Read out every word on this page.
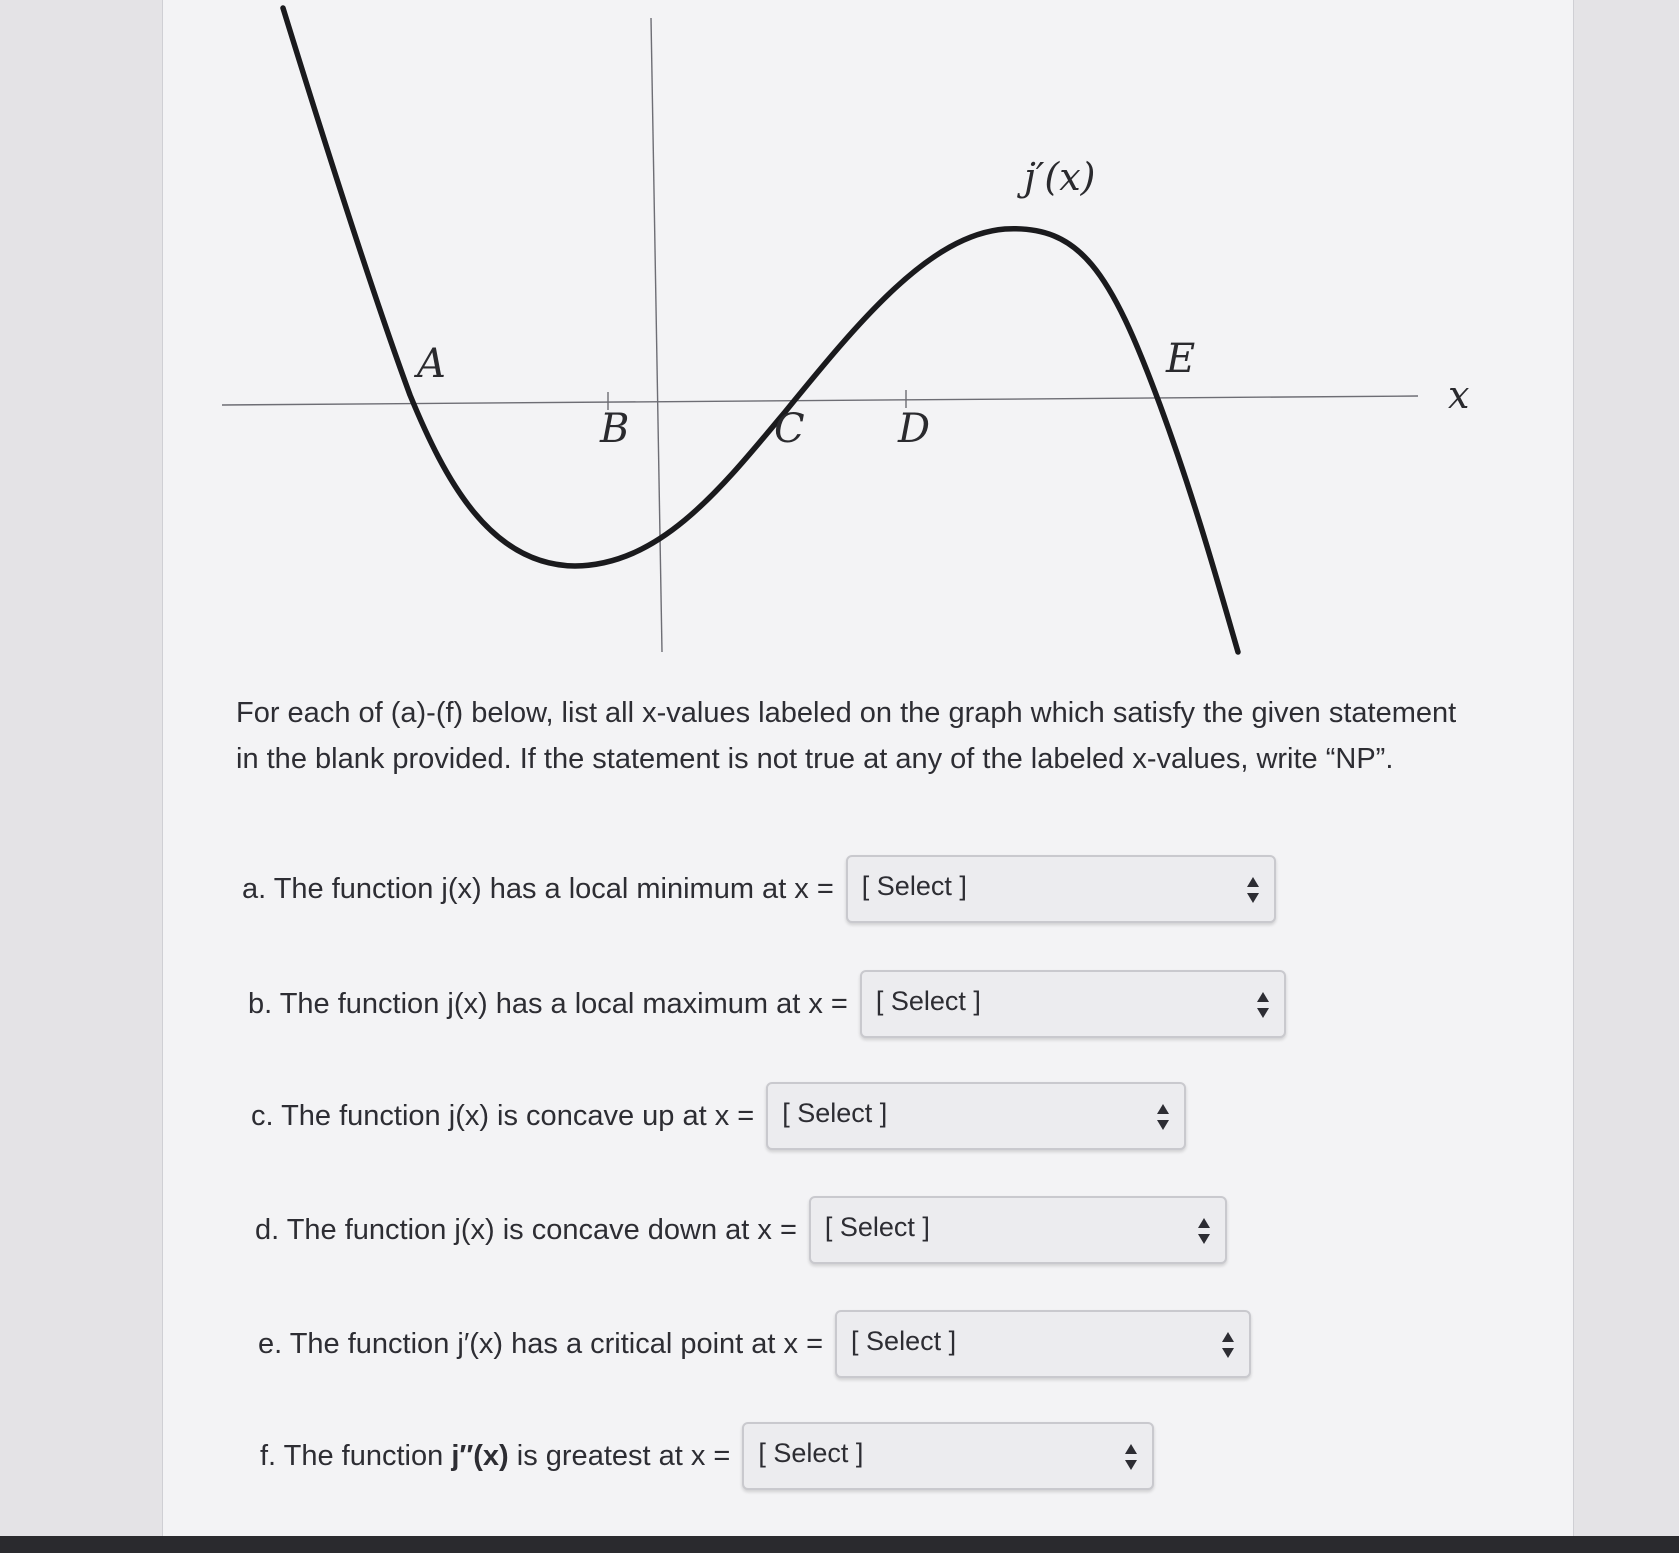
A
B	C D
E
j′(x)
x
For each of (a)-(f) below, list all x-values labeled on the graph which satisfy the given statement in the blank provided. If the statement is not true at any of the labeled x-values, write “NP”.
a. The function j(x) has a local minimum at x = [ Select ]
b. The function j(x) has a local maximum at x = [ Select ]
c. The function j(x) is concave up at x = [ Select ]
d. The function j(x) is concave down at x = [ Select ]
e. The function j′(x) has a critical point at x = [ Select ]
f. The function j′′(x) is greatest at x = [ Select ]
